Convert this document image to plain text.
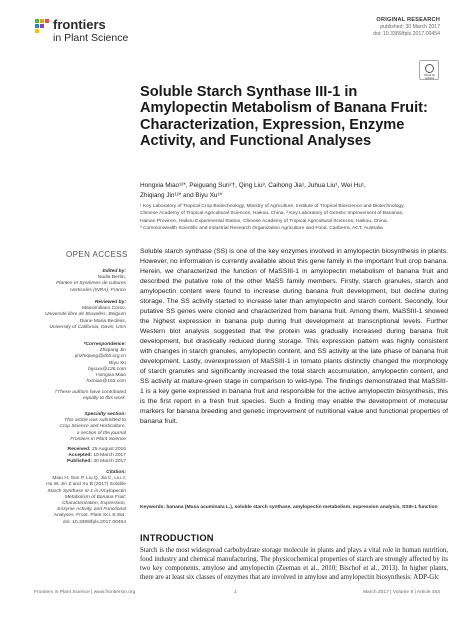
frontiers
in Plant Science
ORIGINAL RESEARCH
published: 30 March 2017
doi: 10.3389/fpls.2017.00454
Check for updates
Soluble Starch Synthase III-1 in Amylopectin Metabolism of Banana Fruit: Characterization, Expression, Enzyme Activity, and Functional Analyses
Hongxia Miao¹²*, Peiguang Sun²†, Qing Liu³, Caihong Jia¹, Juhua Liu¹, Wei Hu¹,
Zhiqiang Jin¹²* and Biyu Xu¹*
¹ Key Laboratory of Tropical Crop Biotechnology, Ministry of Agriculture, Institute of Tropical Bioscience and Biotechnology,
Chinese Academy of Tropical Agricultural Sciences, Haikou, China, ² Key Laboratory of Genetic Improvement of Bananas,
Hainan Province, Haikou Experimental Station, Chinese Academy of Tropical Agricultural Sciences, Haikou, China,
³ Commonwealth Scientific and Industrial Research Organization Agriculture and Food, Canberra, ACT, Australia
OPEN ACCESS
Edited by:
Nadia Bertin,
Plantes et Systèmes de cultures
Horticoles (INRA), France
Reviewed by:
Massimiliano Corso,
Université libre de Bruxelles, Belgium
Diane Maria Beckles,
University of California, Davis, USA
*Correspondence:
Zhiqiang Jin
jinzhiqiang@itbb.org.cn
Biyu Xu
biyuxu@126.com
Hongxia Miao
hxmiao@163.com
†These authors have contributed
equally to this work.
Specialty section:
This article was submitted to
Crop Science and Horticulture,
a section of the journal
Frontiers in Plant Science
Received: 25 August 2016
Accepted: 10 March 2017
Published: 30 March 2017
Citation:
Miao H, Sun P, Liu Q, Jia C, Liu J,
Hu W, Jin Z and Xu B (2017) Soluble
Starch Synthase III-1 in Amylopectin
Metabolism of Banana Fruit:
Characterization, Expression,
Enzyme Activity, and Functional
Analyses. Front. Plant Sci. 8:454.
doi: 10.3389/fpls.2017.00454
Soluble starch synthase (SS) is one of the key enzymes involved in amylopectin biosynthesis in plants. However, no information is currently available about this gene family in the important fruit crop banana. Herein, we characterized the function of MaSSIII-1 in amylopectin metabolism of banana fruit and described the putative role of the other MaSS family members. Firstly, starch granules, starch and amylopectin content were found to increase during banana fruit development, but decline during storage. The SS activity started to increase later than amylopectin and starch content. Secondly, four putative SS genes were cloned and characterized from banana fruit. Among them, MaSSIII-1 showed the highest expression in banana pulp during fruit development at transcriptional levels. Further Western blot analysis suggested that the protein was gradually increased during banana fruit development, but drastically reduced during storage. This expression pattern was highly consistent with changes in starch granules, amylopectin content, and SS activity at the late phase of banana fruit development. Lastly, overexpression of MaSSIII-1 in tomato plants distinctly changed the morphology of starch granules and significantly increased the total starch accumulation, amylopectin content, and SS activity at mature-green stage in comparison to wild-type. The findings demonstrated that MaSSIII-1 is a key gene expressed in banana fruit and responsible for the active amylopectin biosynthesis, this is the first report in a fresh fruit species. Such a finding may enable the development of molecular markers for banana breeding and genetic improvement of nutritional value and functional properties of banana fruit.
Keywords: banana (Musa acuminata L.), soluble starch synthase, amylopectin metabolism, expression analysis, SSIII-1 function
INTRODUCTION
Starch is the most widespread carbohydrate storage molecule in plants and plays a vital role in human nutrition, food industry and chemical manufacturing. The physicochemical properties of starch are strongly affected by its two key components, amylose and amylopectin (Zeeman et al., 2010; Bischof et al., 2013). In higher plants, there are at least six classes of enzymes that are involved in amylose and amylopectin biosynthesis: ADP-Glc
Frontiers in Plant Science | www.frontiersin.org	1	March 2017 | Volume 8 | Article 454
